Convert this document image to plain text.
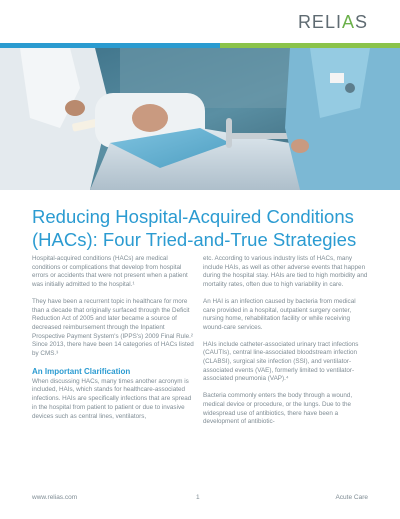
RELIAS
Reducing Hospital-Acquired Conditions (HACs): Four Tried-and-True Strategies

Hospital-acquired conditions (HACs) are medical conditions or complications that develop from hospital errors or accidents that were not present when a patient was initially admitted to the hospital.¹

They have been a recurrent topic in healthcare for more than a decade that originally surfaced through the Deficit Reduction Act of 2005 and later became a source of decreased reimbursement through the Inpatient Prospective Payment System's (IPPS's) 2009 Final Rule.² Since 2013, there have been 14 categories of HACs listed by CMS.³

An Important Clarification

When discussing HACs, many times another acronym is included, HAIs, which stands for healthcare-associated infections. HAIs are specifically infections that are spread in the hospital from patient to patient or due to invasive devices such as central lines, ventilators,

etc. According to various industry lists of HACs, many include HAIs, as well as other adverse events that happen during the hospital stay. HAIs are tied to high morbidity and mortality rates, often due to high variability in care.

An HAI is an infection caused by bacteria from medical care provided in a hospital, outpatient surgery center, nursing home, rehabilitation facility or while receiving wound-care services.

HAIs include catheter-associated urinary tract infections (CAUTIs), central line-associated bloodstream infection (CLABSI), surgical site infection (SSI), and ventilator-associated events (VAE), formerly limited to ventilator-associated pneumonia (VAP).⁴

Bacteria commonly enters the body through a wound, medical device or procedure, or the lungs. Due to the widespread use of antibiotics, there have been a development of antibiotic-

www.relias.com	1	Acute Care
